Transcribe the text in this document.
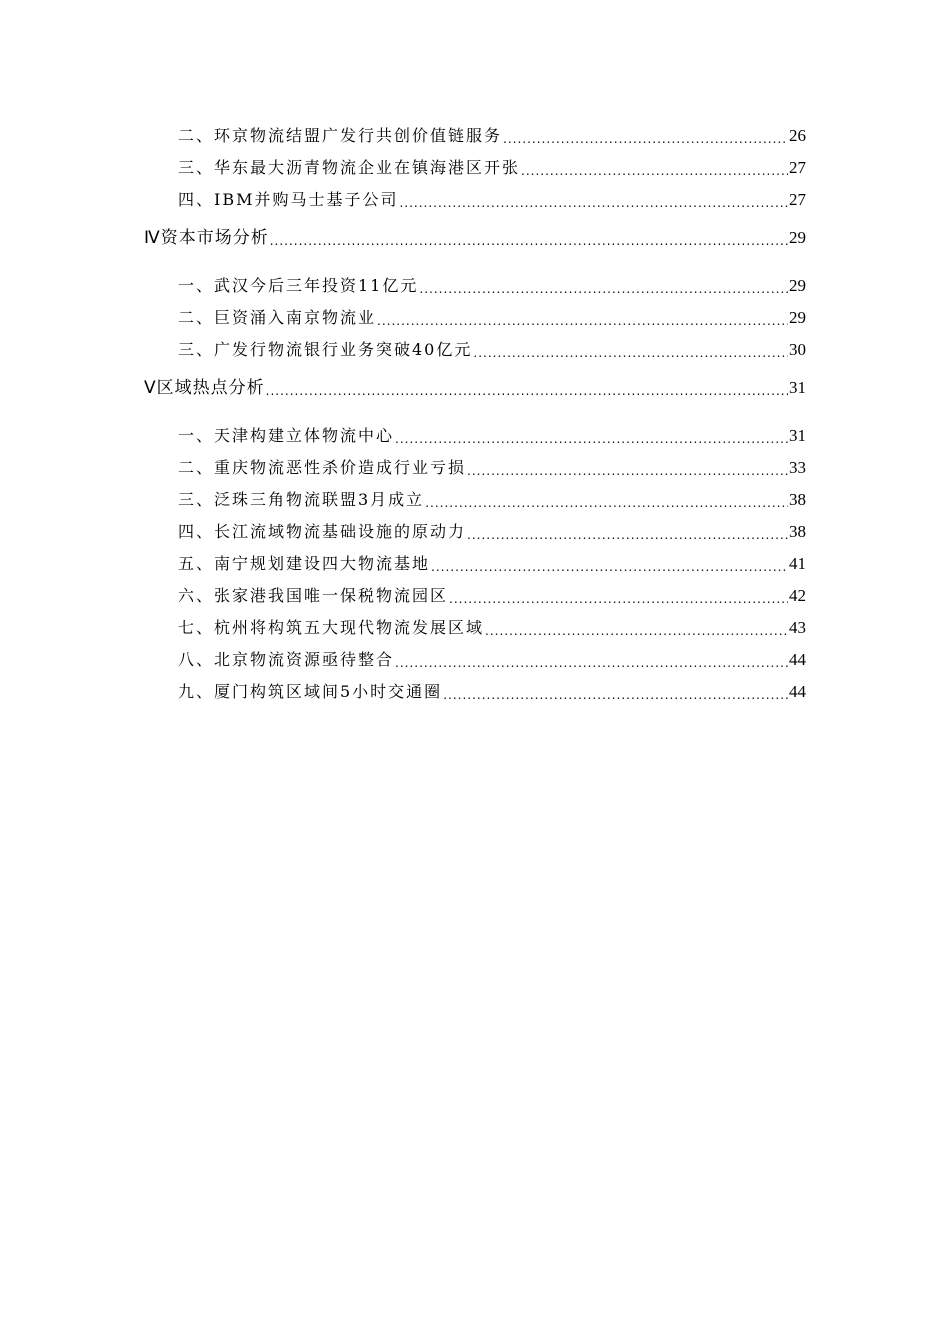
二、环京物流结盟广发行共创价值链服务 .....	26
三、华东最大沥青物流企业在镇海港区开张 .....	27
四、IBM并购马士基子公司 .....	27
Ⅳ资本市场分析 .....	29
一、武汉今后三年投资11亿元 .....	29
二、巨资涌入南京物流业 .....	29
三、广发行物流银行业务突破40亿元 .....	30
Ⅴ区域热点分析 .....	31
一、天津构建立体物流中心 .....	31
二、重庆物流恶性杀价造成行业亏损 .....	33
三、泛珠三角物流联盟3月成立 .....	38
四、长江流域物流基础设施的原动力 .....	38
五、南宁规划建设四大物流基地 .....	41
六、张家港我国唯一保税物流园区 .....	42
七、杭州将构筑五大现代物流发展区域 .....	43
八、北京物流资源亟待整合 .....	44
九、厦门构筑区域间5小时交通圈 .....	44
